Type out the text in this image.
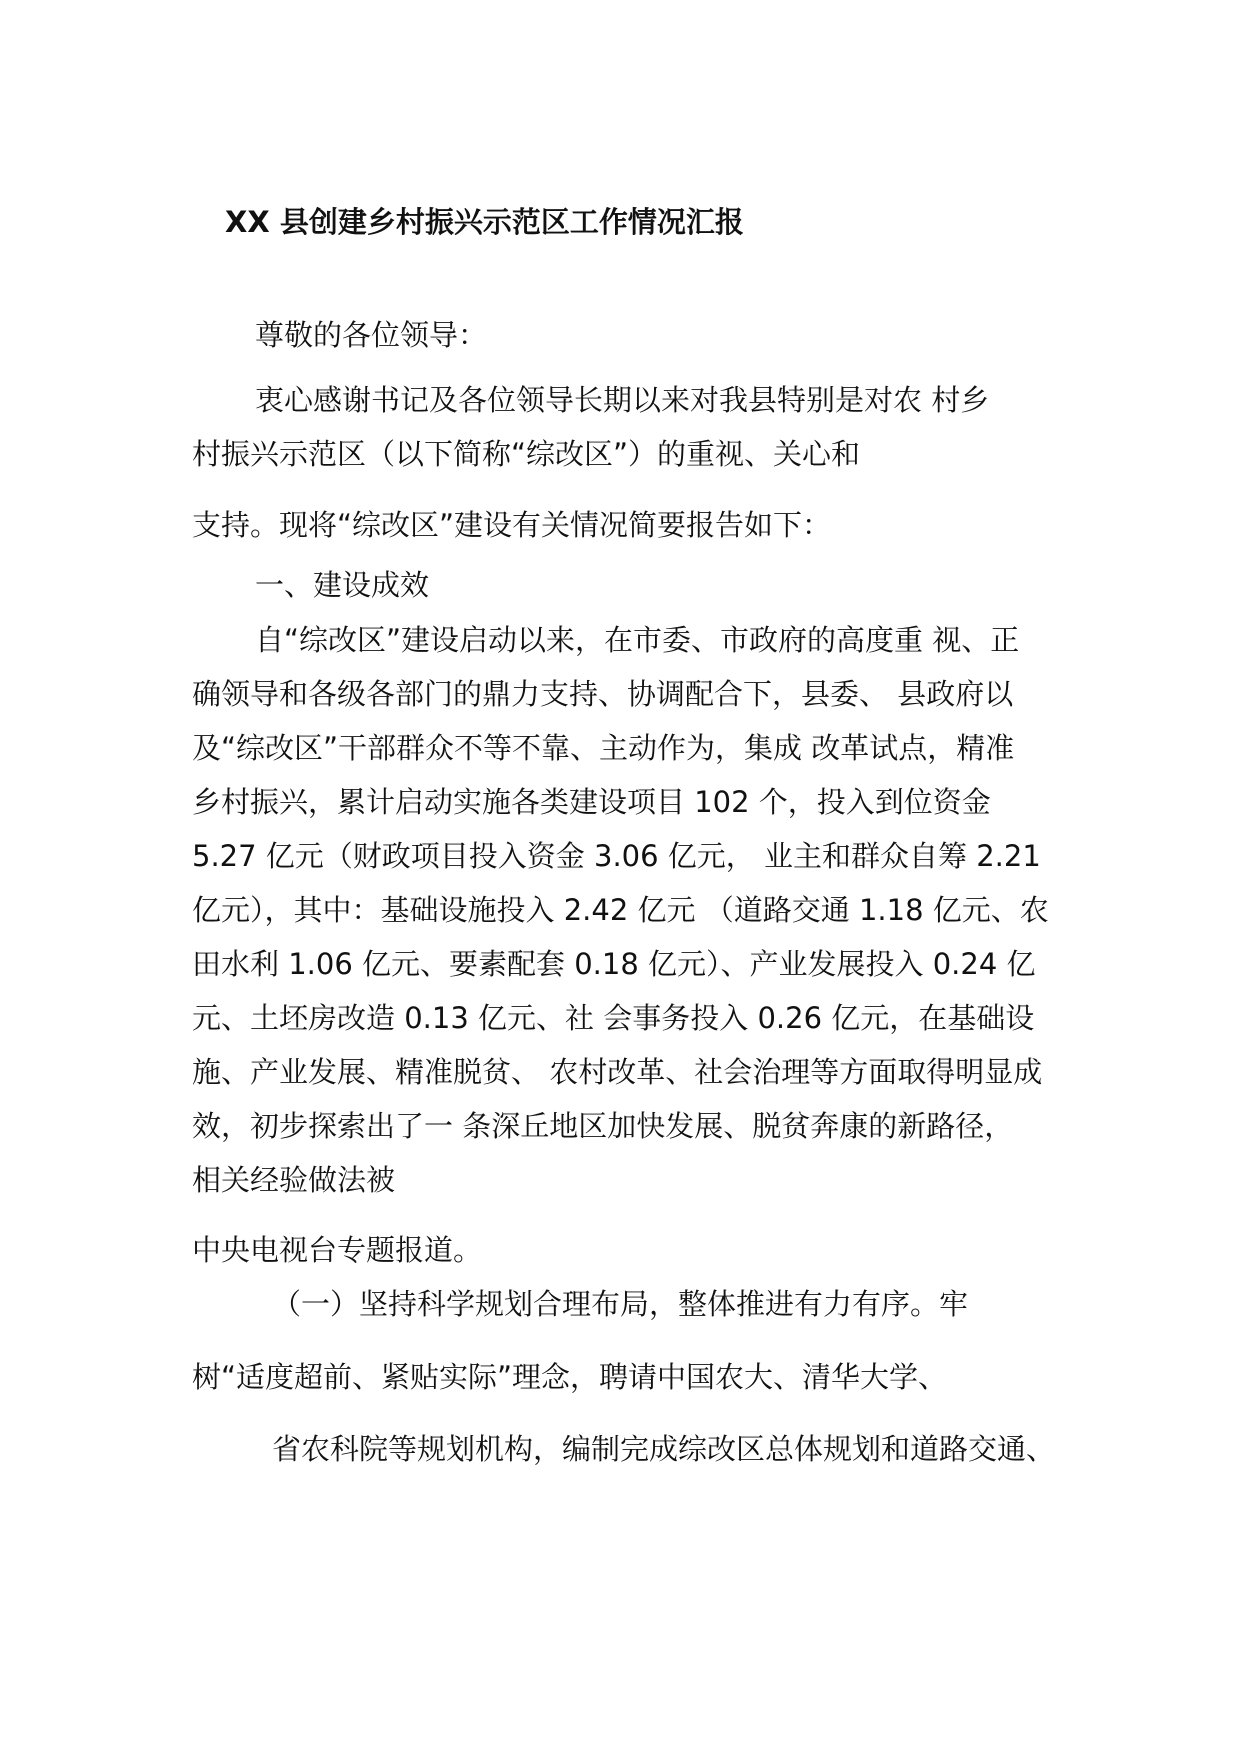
XX 县创建乡村振兴示范区工作情况汇报

尊敬的各位领导：

衷心感谢书记及各位领导长期以来对我县特别是对农 村乡

村振兴示范区（以下简称“综改区”）的重视、关心和

支持。现将“综改区”建设有关情况简要报告如下：

一、建设成效

自“综改区”建设启动以来，在市委、市政府的高度重 视、正

确领导和各级各部门的鼎力支持、协调配合下，县委、 县政府以

及“综改区”干部群众不等不靠、主动作为，集成 改革试点，精准

乡村振兴，累计启动实施各类建设项目 102 个，投入到位资金

5.27 亿元（财政项目投入资金 3.06 亿元， 业主和群众自筹 2.21

亿元），其中：基础设施投入 2.42 亿元 （道路交通 1.18 亿元、农

田水利 1.06 亿元、要素配套 0.18 亿元）、产业发展投入 0.24 亿

元、土坯房改造 0.13 亿元、社 会事务投入 0.26 亿元，在基础设

施、产业发展、精准脱贫、 农村改革、社会治理等方面取得明显成

效，初步探索出了一 条深丘地区加快发展、脱贫奔康的新路径，

相关经验做法被

中央电视台专题报道。

（一）坚持科学规划合理布局，整体推进有力有序。牢

树“适度超前、紧贴实际”理念，聘请中国农大、清华大学、

省农科院等规划机构，编制完成综改区总体规划和道路交通、
